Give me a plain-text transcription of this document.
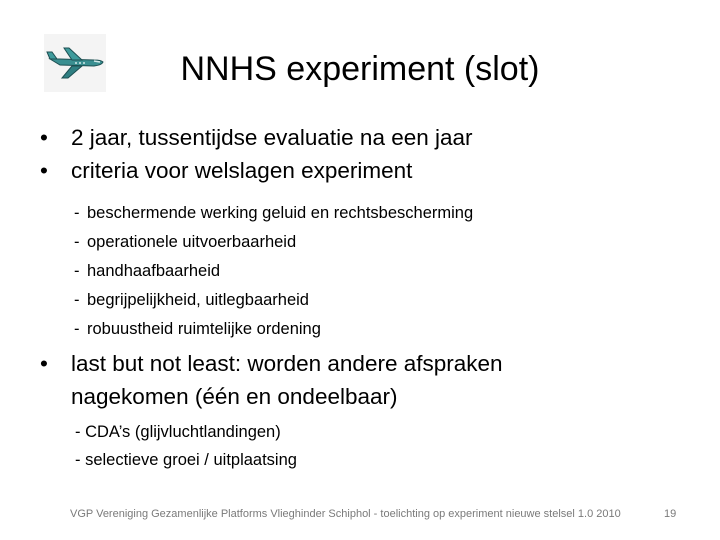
NNHS experiment (slot)
• 2 jaar, tussentijdse evaluatie na een jaar
• criteria voor welslagen experiment
- beschermende werking geluid en rechtsbescherming
- operationele uitvoerbaarheid
- handhaafbaarheid
- begrijpelijkheid, uitlegbaarheid
- robuustheid ruimtelijke ordening
• last but not least: worden andere afspraken
nagekomen (één en ondeelbaar)
- CDA’s (glijvluchtlandingen)
- selectieve groei / uitplaatsing
VGP Vereniging Gezamenlijke Platforms Vlieghinder Schiphol - toelichting op experiment nieuwe stelsel 1.0 2010	19
